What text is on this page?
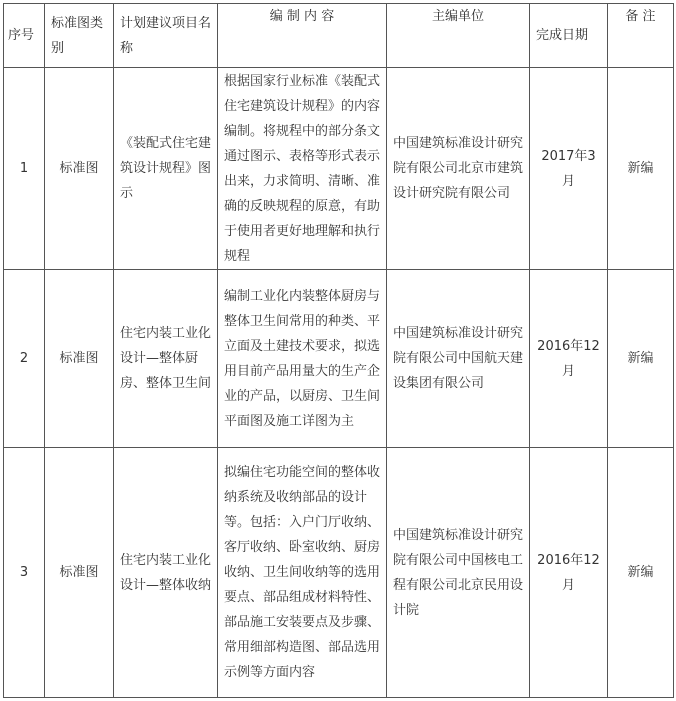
序号	标准图类别	计划建议项目名称	编 制 内 容	主编单位	完成日期	备 注
1	标准图	《装配式住宅建筑设计规程》图示	根据国家行业标准《装配式住宅建筑设计规程》的内容编制。将规程中的部分条文通过图示、表格等形式表示出来，力求简明、清晰、准确的反映规程的原意，有助于使用者更好地理解和执行规程	中国建筑标准设计研究院有限公司北京市建筑设计研究院有限公司	2017年3月	新编
2	标准图	住宅内装工业化设计—整体厨房、整体卫生间	编制工业化内装整体厨房与整体卫生间常用的种类、平立面及土建技术要求，拟选用目前产品用量大的生产企业的产品，以厨房、卫生间平面图及施工详图为主	中国建筑标准设计研究院有限公司中国航天建设集团有限公司	2016年12月	新编
3	标准图	住宅内装工业化设计—整体收纳	拟编住宅功能空间的整体收纳系统及收纳部品的设计等。包括：入户门厅收纳、客厅收纳、卧室收纳、厨房收纳、卫生间收纳等的选用要点、部品组成材料特性、部品施工安装要点及步骤、常用细部构造图、部品选用示例等方面内容	中国建筑标准设计研究院有限公司中国核电工程有限公司北京民用设计院	2016年12月	新编
